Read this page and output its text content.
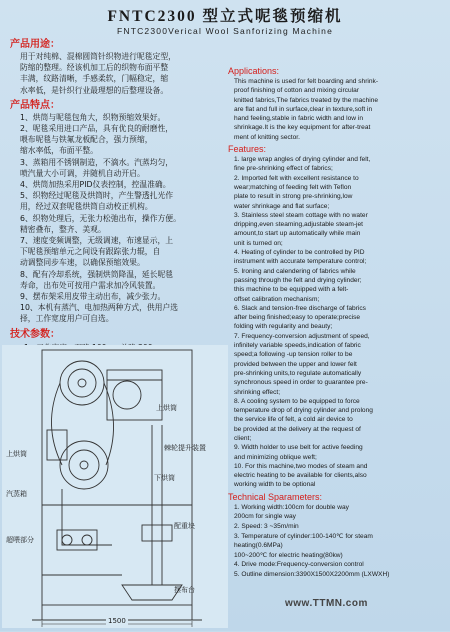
FNTC2300 型立式呢毯预缩机
FNTC2300Verical Wool Sanforizing Machine
产品用途：
用于对纯棉、混棉圆筒针织物进行呢毯定型，
防缩的整理。经该机加工后的织物布面平整
丰满，纹路清晰，手感柔软，门幅稳定，缩
水率低，是针织行业最理想的后整理设备。
产品特点：
1、烘筒与呢毯包角大，织物预缩效果好。
2、呢毯采用进口产品，具有优良的耐磨性，
喂布呢毯与铁氟龙板配合，强力预缩，
缩水率低，布面平整。
3、蒸箱用不锈钢制造，不滴水。汽蒸均匀，
喷汽量大小可调，并随机自动开启。
4、烘筒加热采用PID仪表控制，控温准确。
5、织物经过呢毯及烘筒时，产生警透扎光作
用，经过双套呢毯烘筒自动校正机构。
6、织物处理后，无张力松弛出布，操作方便。
精密叠布，整齐、美观。
7、速度变频调整，无级调速，布速显示，上
下呢毯预缩单元之间设有跟踪张力辊，自
动调整同步车速，以确保预缩效果。
8、配有冷却系统，强制烘筒降温，延长呢毯
寿命，出布处可按用户需求加冷风装置。
9、摆布架采用皮带主动出布，减少张力。
10、本机有蒸汽、电加热两种方式，供用户选
择，工作宽度用户可自选。
技术参数：
上烘筒
棘轮提升装置
上烘筒
汽蒸箱
下烘筒
配重块
超喂部分
摆布台
1500
Applications:
This machine is used for felt boarding and shrink-
proof finishing of cotton and mixing circular
knitted fabrics,The fabrics treated by the machine
are flat and full in surface,clear in texture,soft in
hand feeling,stable in fabric width and low in
shrinkage.It is the key equipment for after-treat
ment of knitting sector.
Features:
1. large wrap angles of drying cylinder and felt,
fine pre-shrinking effect of fabrics;
2. Imported felt with excellent resistance to
wear;matching of feeding felt with Teflon
plate to result in strong pre-shrinking,low
water shrinkage and flat surface;
3. Stainless steel steam cottage with no water
dripping,even steaming,adjustable steam-jet
amount,to start up automatically while main
unit is turned on;
4. Heating of cylinder to be controlled by PID
instrument with accurate temperature control;
5. Ironing and calendering of fabrics while
passing through the felt and drying cylinder;
this machine to be equipped with a felt-
offset calibration mechanism;
6. Slack and tension-free discharge of fabrics
after being finished;easy to operate;precise
folding with regularity and beauty;
7. Frequency-conversion adjustment of speed,
infinitely variable speeds,indication of fabric
speed;a following -up tension roller to be
provided between the upper and lower felt
pre-shrinking units,to regulate automatically
synchronous speed in order to guarantee pre-
shrinking effect;
8. A cooling system to be equipped to force
temperature drop of drying cylinder and prolong
the service life of felt, a cold air device to
be provided at the delivery at the request of
client;
9. Width holder to use belt for active feeding
and minimizing oblique weft;
10. For this machine,two modes of steam and
electric heating to be available for clients,also
working width to be optional
Technical Sparameters:
1. Working width:100cm for double way
200cm for single way
2. Speed: 3 ~35m/min
3. Temperature of cylinder:100-140℃ for steam
heating(0.6MPa)
100~200℃ for electric heating(80kw)
4. Drive mode:Frequency-conversion control
5. Outline dimension:3390X1500X2200mm (LXWXH)
www.TTMN.com
